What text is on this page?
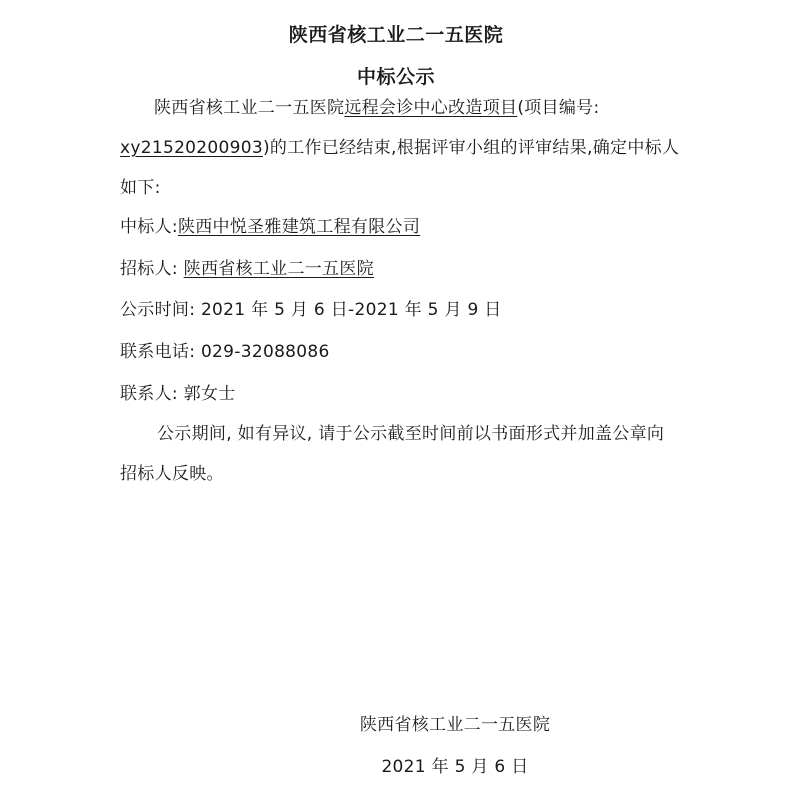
陕西省核工业二一五医院
中标公示
陕西省核工业二一五医院远程会诊中心改造项目(项目编号: xy21520200903)的工作已经结束,根据评审小组的评审结果,确定中标人如下:
中标人:陕西中悦圣雅建筑工程有限公司
招标人: 陕西省核工业二一五医院
公示时间: 2021 年 5 月 6 日-2021 年 5 月 9 日
联系电话: 029-32088086
联系人: 郭女士
公示期间, 如有异议, 请于公示截至时间前以书面形式并加盖公章向招标人反映。
陕西省核工业二一五医院
2021 年 5 月 6 日
